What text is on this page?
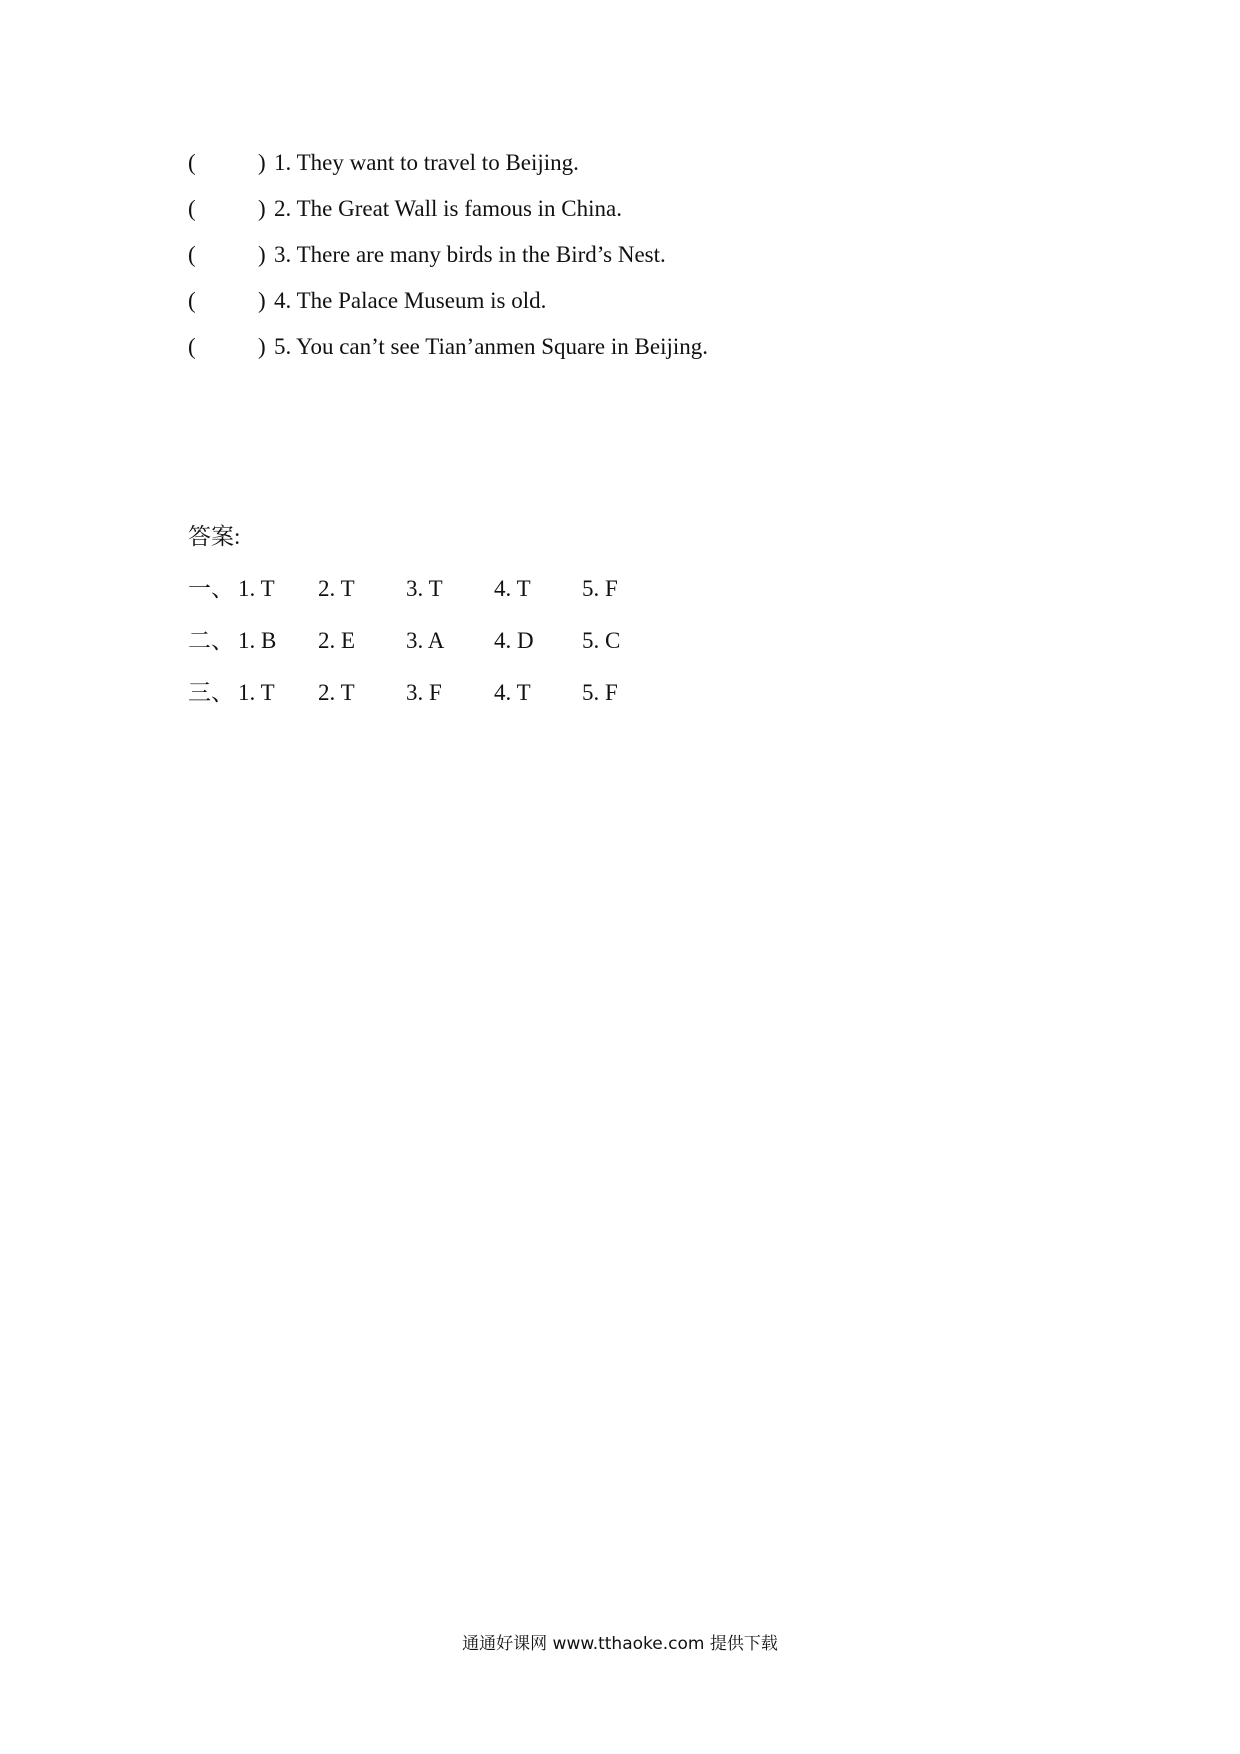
(	) 1. They want to travel to Beijing.
(	) 2. The Great Wall is famous in China.
(	) 3. There are many birds in the Bird’s Nest.
(	) 4. The Palace Museum is old.
(	) 5. You can’t see Tian’anmen Square in Beijing.
答案:
一、 1. T 2. T 3. T 4. T 5. F
二、 1. B 2. E 3. A 4. D 5. C
三、 1. T 2. T 3. F 4. T 5. F
通通好课网 www.tthaoke.com 提供下载
